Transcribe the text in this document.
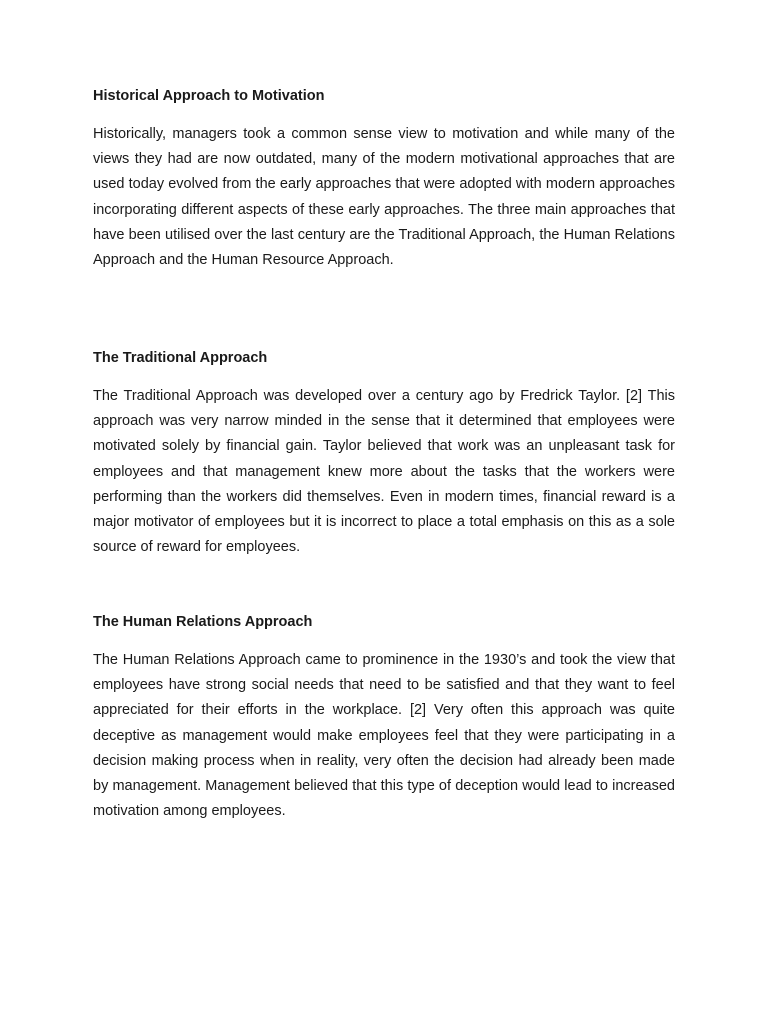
Historical Approach to Motivation

Historically, managers took a common sense view to motivation and while many of the views they had are now outdated, many of the modern motivational approaches that are used today evolved from the early approaches that were adopted with modern approaches incorporating different aspects of these early approaches. The three main approaches that have been utilised over the last century are the Traditional Approach, the Human Relations Approach and the Human Resource Approach.

The Traditional Approach

The Traditional Approach was developed over a century ago by Fredrick Taylor. [2] This approach was very narrow minded in the sense that it determined that employees were motivated solely by financial gain. Taylor believed that work was an unpleasant task for employees and that management knew more about the tasks that the workers were performing than the workers did themselves. Even in modern times, financial reward is a major motivator of employees but it is incorrect to place a total emphasis on this as a sole source of reward for employees.

The Human Relations Approach

The Human Relations Approach came to prominence in the 1930’s and took the view that employees have strong social needs that need to be satisfied and that they want to feel appreciated for their efforts in the workplace. [2] Very often this approach was quite deceptive as management would make employees feel that they were participating in a decision making process when in reality, very often the decision had already been made by management. Management believed that this type of deception would lead to increased motivation among employees.
